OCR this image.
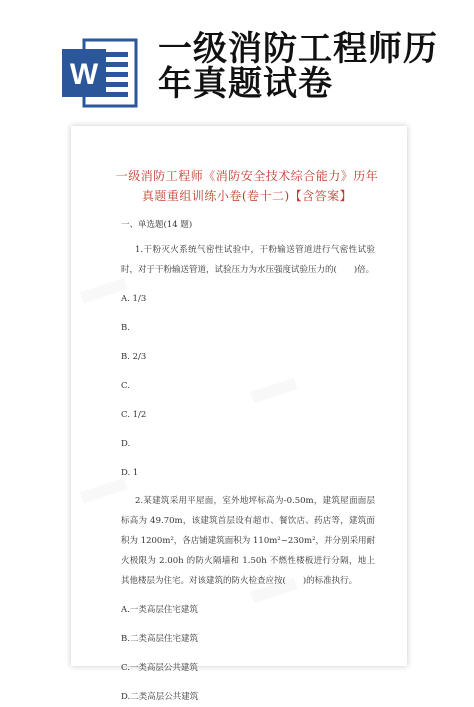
W
一级消防工程师历
年真题试卷
▒▒▒▒▒▒
▒▒▒▒▒▒
▒▒▒▒▒▒
▒▒▒▒▒▒
一级消防工程师《消防安全技术综合能力》历年真题重组训练小卷(卷十二)【含答案】
一、单选题(14 题)
1.干粉灭火系统气密性试验中，干粉输送管道进行气密性试验时，对于干粉输送管道，试验压力为水压强度试验压力的(　　)倍。
A. 1/3
B.
B. 2/3
C.
C. 1/2
D.
D. 1
2.某建筑采用平屋面，室外地坪标高为-0.50m，建筑屋面面层标高为 49.70m，该建筑首层设有超市、餐饮店、药店等，建筑面积为 1200m²，各店铺建筑面积为 110m²~230m²，并分别采用耐火极限为 2.00h 的防火隔墙和 1.50h 不燃性楼板进行分隔，地上其他楼层为住宅。对该建筑的防火检查应按(　　)的标准执行。
A.一类高层住宅建筑
B.二类高层住宅建筑
C.一类高层公共建筑
D.二类高层公共建筑
